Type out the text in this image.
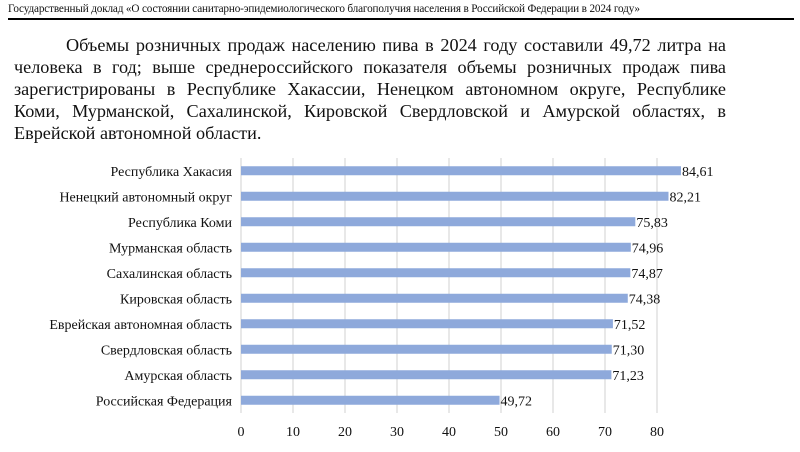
Государственный доклад «О состоянии санитарно-эпидемиологического благополучия населения в Российской Федерации в 2024 году»
Объемы розничных продаж населению пива в 2024 году составили 49,72 литра на человека в год; выше среднероссийского показателя объемы розничных продаж пива зарегистрированы в Республике Хакассии, Ненецком автономном округе, Республике Коми, Мурманской, Сахалинской, Кировской Свердловской и Амурской областях, в Еврейской автономной области.
0	10	20	30	40	50	60	70	80
Республика Хакасия	84,61
Ненецкий автономный округ	82,21
Республика Коми	75,83
Мурманская область	74,96
Сахалинская область	74,87
Кировская область	74,38
Еврейская автономная область	71,52
Свердловская область	71,30
Амурская область	71,23
Российская Федерация	49,72
